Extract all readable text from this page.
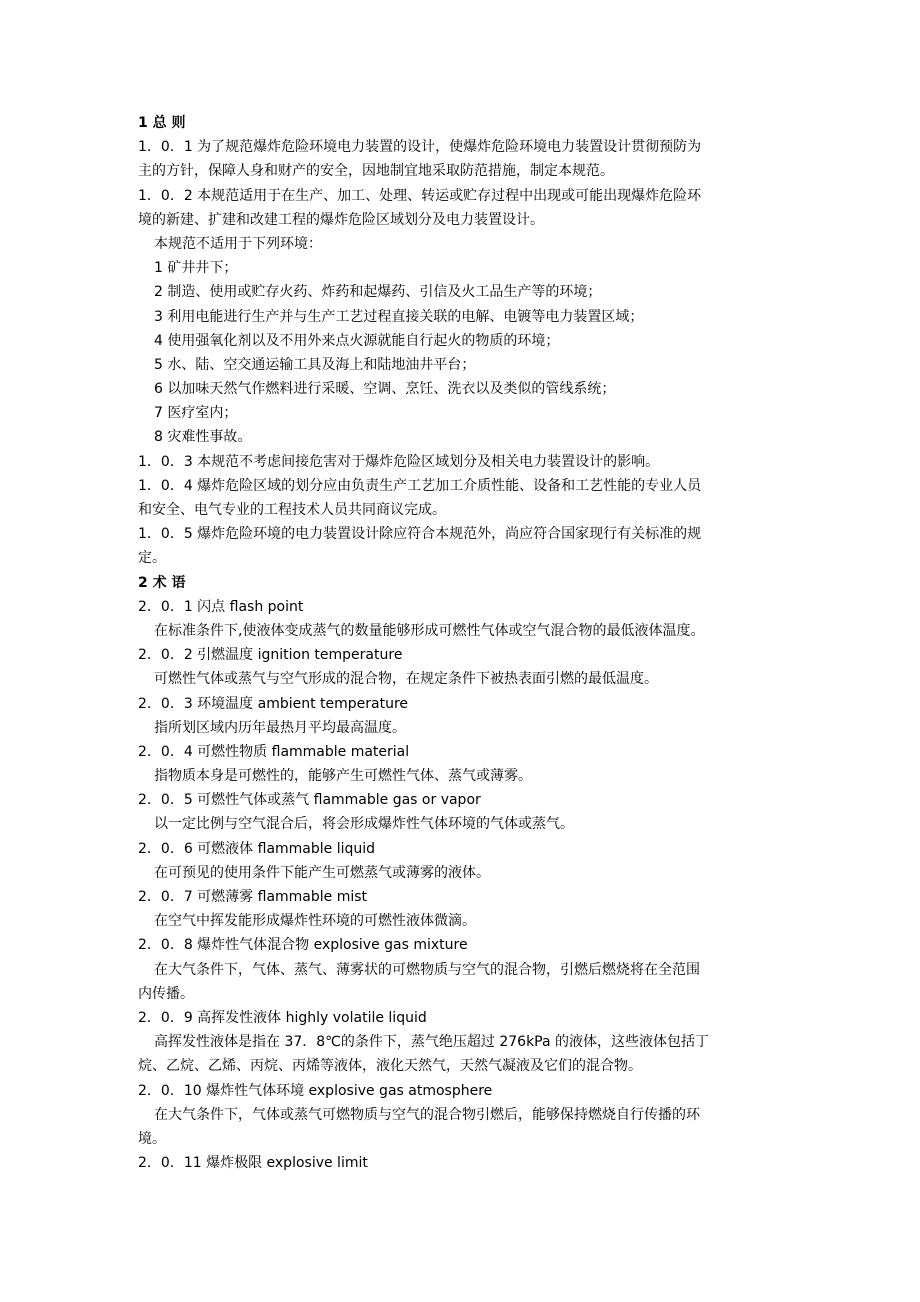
1 总 则
1．0．1 为了规范爆炸危险环境电力装置的设计，使爆炸危险环境电力装置设计贯彻预防为
主的方针，保障人身和财产的安全，因地制宜地采取防范措施，制定本规范。
1．0．2 本规范适用于在生产、加工、处理、转运或贮存过程中出现或可能出现爆炸危险环
境的新建、扩建和改建工程的爆炸危险区域划分及电力装置设计。
本规范不适用于下列环境：
1 矿井井下；
2 制造、使用或贮存火药、炸药和起爆药、引信及火工品生产等的环境；
3 利用电能进行生产并与生产工艺过程直接关联的电解、电镀等电力装置区域；
4 使用强氧化剂以及不用外来点火源就能自行起火的物质的环境；
5 水、陆、空交通运输工具及海上和陆地油井平台；
6 以加味天然气作燃料进行采暖、空调、烹饪、洗衣以及类似的管线系统；
7 医疗室内；
8 灾难性事故。
1．0．3 本规范不考虑间接危害对于爆炸危险区域划分及相关电力装置设计的影响。
1．0．4 爆炸危险区域的划分应由负责生产工艺加工介质性能、设备和工艺性能的专业人员
和安全、电气专业的工程技术人员共同商议完成。
1．0．5 爆炸危险环境的电力装置设计除应符合本规范外，尚应符合国家现行有关标准的规
定。
2 术 语
2．0．1 闪点 flash point
在标准条件下,使液体变成蒸气的数量能够形成可燃性气体或空气混合物的最低液体温度。
2．0．2 引燃温度 ignition temperature
可燃性气体或蒸气与空气形成的混合物，在规定条件下被热表面引燃的最低温度。
2．0．3 环境温度 ambient temperature
指所划区域内历年最热月平均最高温度。
2．0．4 可燃性物质 flammable material
指物质本身是可燃性的，能够产生可燃性气体、蒸气或薄雾。
2．0．5 可燃性气体或蒸气 flammable gas or vapor
以一定比例与空气混合后，将会形成爆炸性气体环境的气体或蒸气。
2．0．6 可燃液体 flammable liquid
在可预见的使用条件下能产生可燃蒸气或薄雾的液体。
2．0．7 可燃薄雾 flammable mist
在空气中挥发能形成爆炸性环境的可燃性液体微滴。
2．0．8 爆炸性气体混合物 explosive gas mixture
在大气条件下，气体、蒸气、薄雾状的可燃物质与空气的混合物，引燃后燃烧将在全范围
内传播。
2．0．9 高挥发性液体 highly volatile liquid
高挥发性液体是指在 37．8℃的条件下，蒸气绝压超过 276kPa 的液体，这些液体包括丁
烷、乙烷、乙烯、丙烷、丙烯等液体，液化天然气，天然气凝液及它们的混合物。
2．0．10 爆炸性气体环境 explosive gas atmosphere
在大气条件下，气体或蒸气可燃物质与空气的混合物引燃后，能够保持燃烧自行传播的环
境。
2．0．11 爆炸极限 explosive limit
